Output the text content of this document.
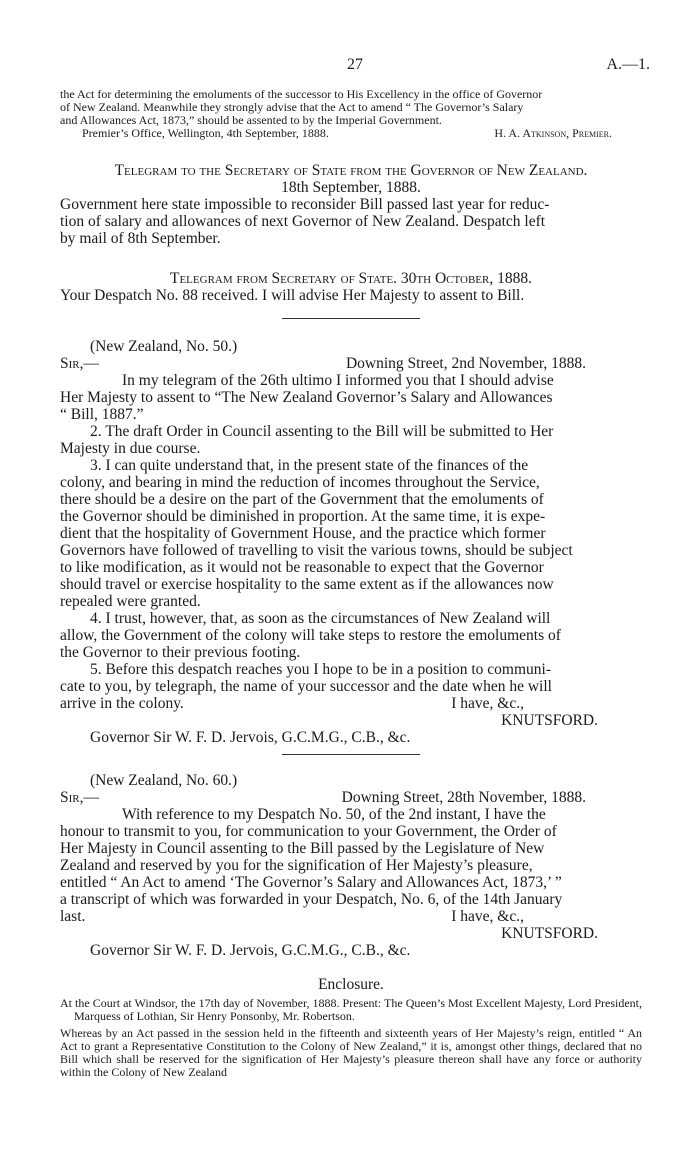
27	A.—1.

the Act for determining the emoluments of the successor to His Excellency in the office of Governor

of New Zealand. Meanwhile they strongly advise that the Act to amend “ The Governor’s Salary

and Allowances Act, 1873,” should be assented to by the Imperial Government.

Premier’s Office, Wellington, 4th September, 1888.	H. A. Atkinson, Premier.

Telegram to the Secretary of State from the Governor of New Zealand.

18th September, 1888.

Government here state impossible to reconsider Bill passed last year for reduc-

tion of salary and allowances of next Governor of New Zealand. Despatch left

by mail of 8th September.

Telegram from Secretary of State. 30th October, 1888.

Your Despatch No. 88 received. I will advise Her Majesty to assent to Bill.

(New Zealand, No. 50.)

Sir,—	Downing Street, 2nd November, 1888.

In my telegram of the 26th ultimo I informed you that I should advise

Her Majesty to assent to “The New Zealand Governor’s Salary and Allowances

“ Bill, 1887.”

2. The draft Order in Council assenting to the Bill will be submitted to Her

Majesty in due course.

3. I can quite understand that, in the present state of the finances of the

colony, and bearing in mind the reduction of incomes throughout the Service,

there should be a desire on the part of the Government that the emoluments of

the Governor should be diminished in proportion. At the same time, it is expe-

dient that the hospitality of Government House, and the practice which former

Governors have followed of travelling to visit the various towns, should be subject

to like modification, as it would not be reasonable to expect that the Governor

should travel or exercise hospitality to the same extent as if the allowances now

repealed were granted.

4. I trust, however, that, as soon as the circumstances of New Zealand will

allow, the Government of the colony will take steps to restore the emoluments of

the Governor to their previous footing.

5. Before this despatch reaches you I hope to be in a position to communi-

cate to you, by telegraph, the name of your successor and the date when he will

arrive in the colony.	I have, &c.,

KNUTSFORD.

Governor Sir W. F. D. Jervois, G.C.M.G., C.B., &c.

(New Zealand, No. 60.)

Sir,—	Downing Street, 28th November, 1888.

With reference to my Despatch No. 50, of the 2nd instant, I have the

honour to transmit to you, for communication to your Government, the Order of

Her Majesty in Council assenting to the Bill passed by the Legislature of New

Zealand and reserved by you for the signification of Her Majesty’s pleasure,

entitled “ An Act to amend ‘The Governor’s Salary and Allowances Act, 1873,’ ”

a transcript of which was forwarded in your Despatch, No. 6, of the 14th January

last.	I have, &c.,

KNUTSFORD.

Governor Sir W. F. D. Jervois, G.C.M.G., C.B., &c.

Enclosure.

At the Court at Windsor, the 17th day of November, 1888. Present: The Queen’s Most Excellent Majesty, Lord President, Marquess of Lothian, Sir Henry Ponsonby, Mr. Robertson.

Whereas by an Act passed in the session held in the fifteenth and sixteenth years of Her Majesty’s reign, entitled “ An Act to grant a Representative Constitution to the Colony of New Zealand,” it is, amongst other things, declared that no Bill which shall be reserved for the signification of Her Majesty’s pleasure thereon shall have any force or authority within the Colony of New Zealand
